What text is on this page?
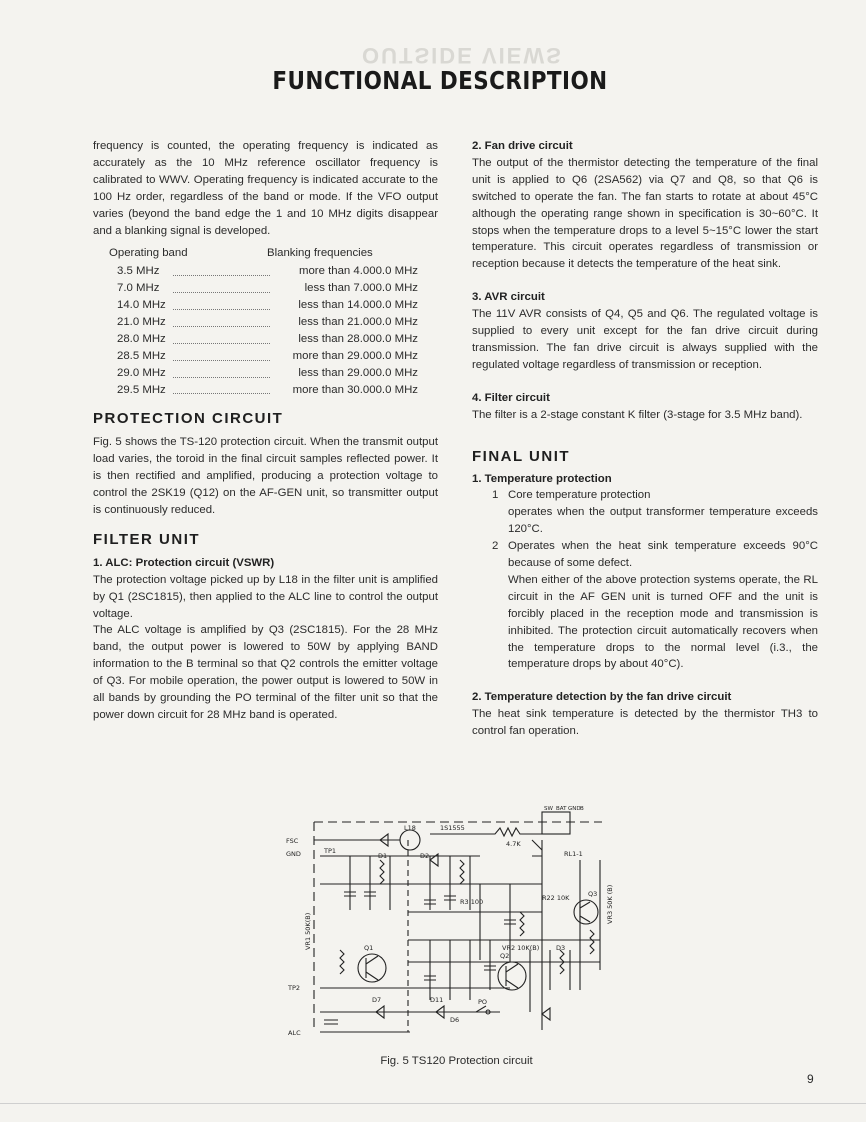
OUTSIDE VIEWS
FUNCTIONAL DESCRIPTION

frequency is counted, the operating frequency is indicated as accurately as the 10 MHz reference oscillator frequency is calibrated to WWV. Operating frequency is indicated accurate to the 100 Hz order, regardless of the band or mode. If the VFO output varies (beyond the band edge the 1 and 10 MHz digits disappear and a blanking signal is developed.

Operating band	Blanking frequencies
3.5 MHz	more than 4.000.0 MHz
7.0 MHz	less than 7.000.0 MHz
14.0 MHz	less than 14.000.0 MHz
21.0 MHz	less than 21.000.0 MHz
28.0 MHz	less than 28.000.0 MHz
28.5 MHz	more than 29.000.0 MHz
29.0 MHz	less than 29.000.0 MHz
29.5 MHz	more than 30.000.0 MHz
PROTECTION CIRCUIT

Fig. 5 shows the TS-120 protection circuit. When the transmit output load varies, the toroid in the final circuit samples reflected power. It is then rectified and amplified, producing a protection voltage to control the 2SK19 (Q12) on the AF-GEN unit, so transmitter output is continuously reduced.

FILTER UNIT

1. ALC: Protection circuit (VSWR)

The protection voltage picked up by L18 in the filter unit is amplified by Q1 (2SC1815), then applied to the ALC line to control the output voltage.

The ALC voltage is amplified by Q3 (2SC1815). For the 28 MHz band, the output power is lowered to 50W by applying BAND information to the B terminal so that Q2 controls the emitter voltage of Q3. For mobile operation, the power output is lowered to 50W in all bands by grounding the PO terminal of the filter unit so that the power down circuit for 28 MHz band is operated.

2. Fan drive circuit

The output of the thermistor detecting the temperature of the final unit is applied to Q6 (2SA562) via Q7 and Q8, so that Q6 is switched to operate the fan. The fan starts to rotate at about 45°C although the operating range shown in specification is 30~60°C. It stops when the temperature drops to a level 5~15°C lower the start temperature. This circuit operates regardless of transmission or reception because it detects the temperature of the heat sink.

3. AVR circuit

The 11V AVR consists of Q4, Q5 and Q6. The regulated voltage is supplied to every unit except for the fan drive circuit during transmission. The fan drive circuit is always supplied with the regulated voltage regardless of transmission or reception.

4. Filter circuit

The filter is a 2-stage constant K filter (3-stage for 3.5 MHz band).

FINAL UNIT

1. Temperature protection

1 Core temperature protection
operates when the output transformer temperature exceeds 120°C.
2 Operates when the heat sink temperature exceeds 90°C because of some defect.
When either of the above protection systems operate, the RL circuit in the AF GEN unit is turned OFF and the unit is forcibly placed in the reception mode and transmission is inhibited. The protection circuit automatically recovers when the temperature drops to the normal level (i.3., the temperature drops by about 40°C).

2. Temperature detection by the fan drive circuit

The heat sink temperature is detected by the thermistor TH3 to control fan operation.

FSC
GND	TP1
TP2
ALC
L18
D1	D2
D3
D6
D7	D11
Q1
Q2
Q3
1S1555
4.7K
RL1-1
R22 10K
R3 100
VR1 50K(B)	VR2 10K(B)
VR3 50K (B)
PO
SW BAT GND B
Fig. 5 TS120 Protection circuit
9
